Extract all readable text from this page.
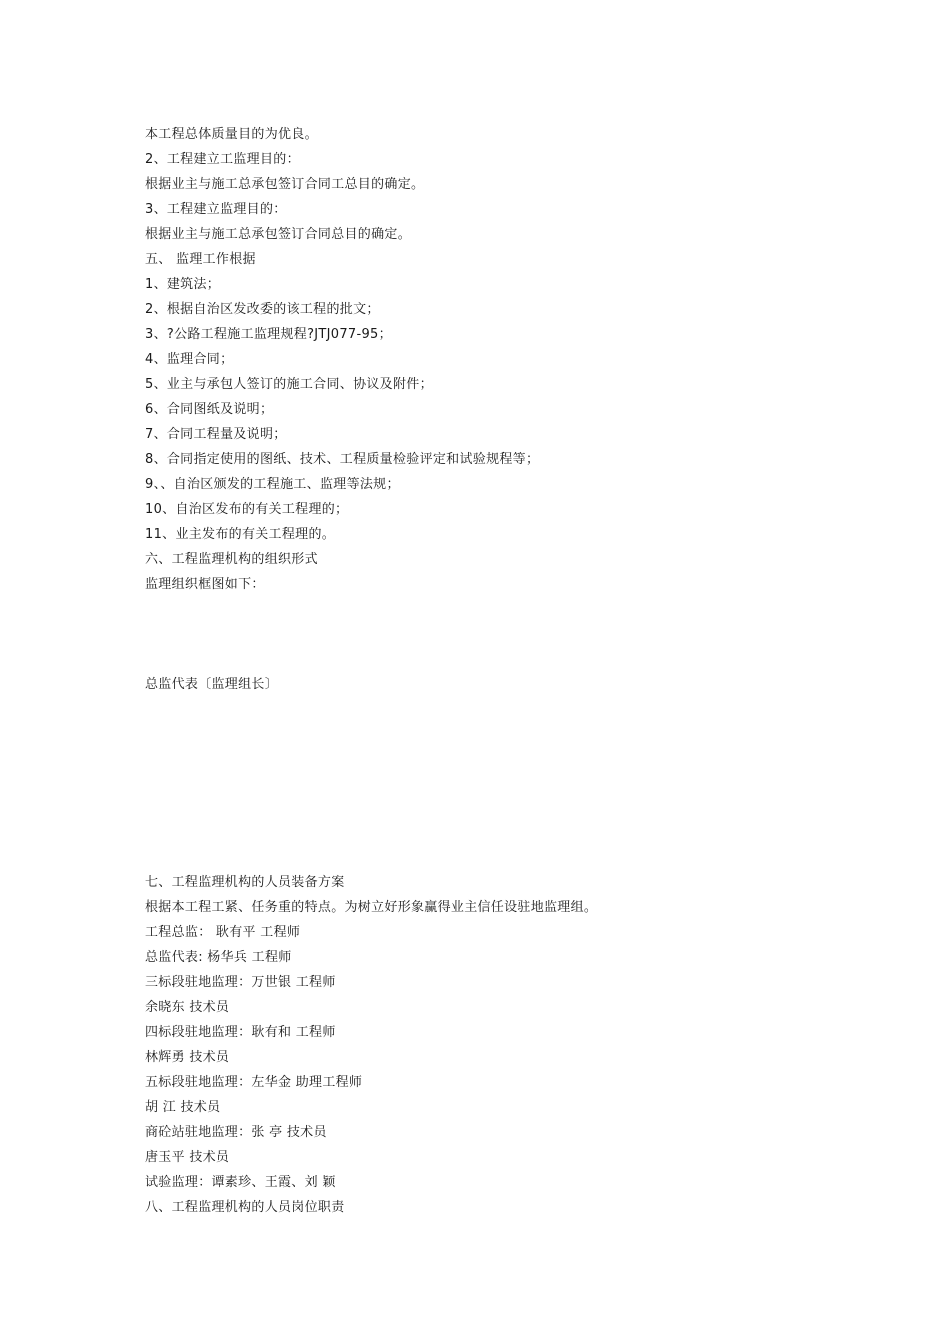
本工程总体质量目的为优良。
2、工程建立工监理目的：
根据业主与施工总承包签订合同工总目的确定。
3、工程建立监理目的：
根据业主与施工总承包签订合同总目的确定。
五、 监理工作根据
1、建筑法；
2、根据自治区发改委的该工程的批文；
3、?公路工程施工监理规程?JTJ077-95；
4、监理合同；
5、业主与承包人签订的施工合同、协议及附件；
6、合同图纸及说明；
7、合同工程量及说明；
8、合同指定使用的图纸、技术、工程质量检验评定和试验规程等；
9、、自治区颁发的工程施工、监理等法规；
10、自治区发布的有关工程理的；
11、业主发布的有关工程理的。
六、工程监理机构的组织形式
监理组织框图如下：
总监代表〔监理组长〕
七、工程监理机构的人员装备方案
根据本工程工紧、任务重的特点。为树立好形象赢得业主信任设驻地监理组。
工程总监： 耿有平 工程师
总监代表: 杨华兵 工程师
三标段驻地监理：万世银 工程师
余晓东 技术员
四标段驻地监理：耿有和 工程师
林辉勇 技术员
五标段驻地监理：左华金 助理工程师
胡 江 技术员
商砼站驻地监理：张 亭 技术员
唐玉平 技术员
试验监理：谭素珍、王霞、刘 颖
八、工程监理机构的人员岗位职责
